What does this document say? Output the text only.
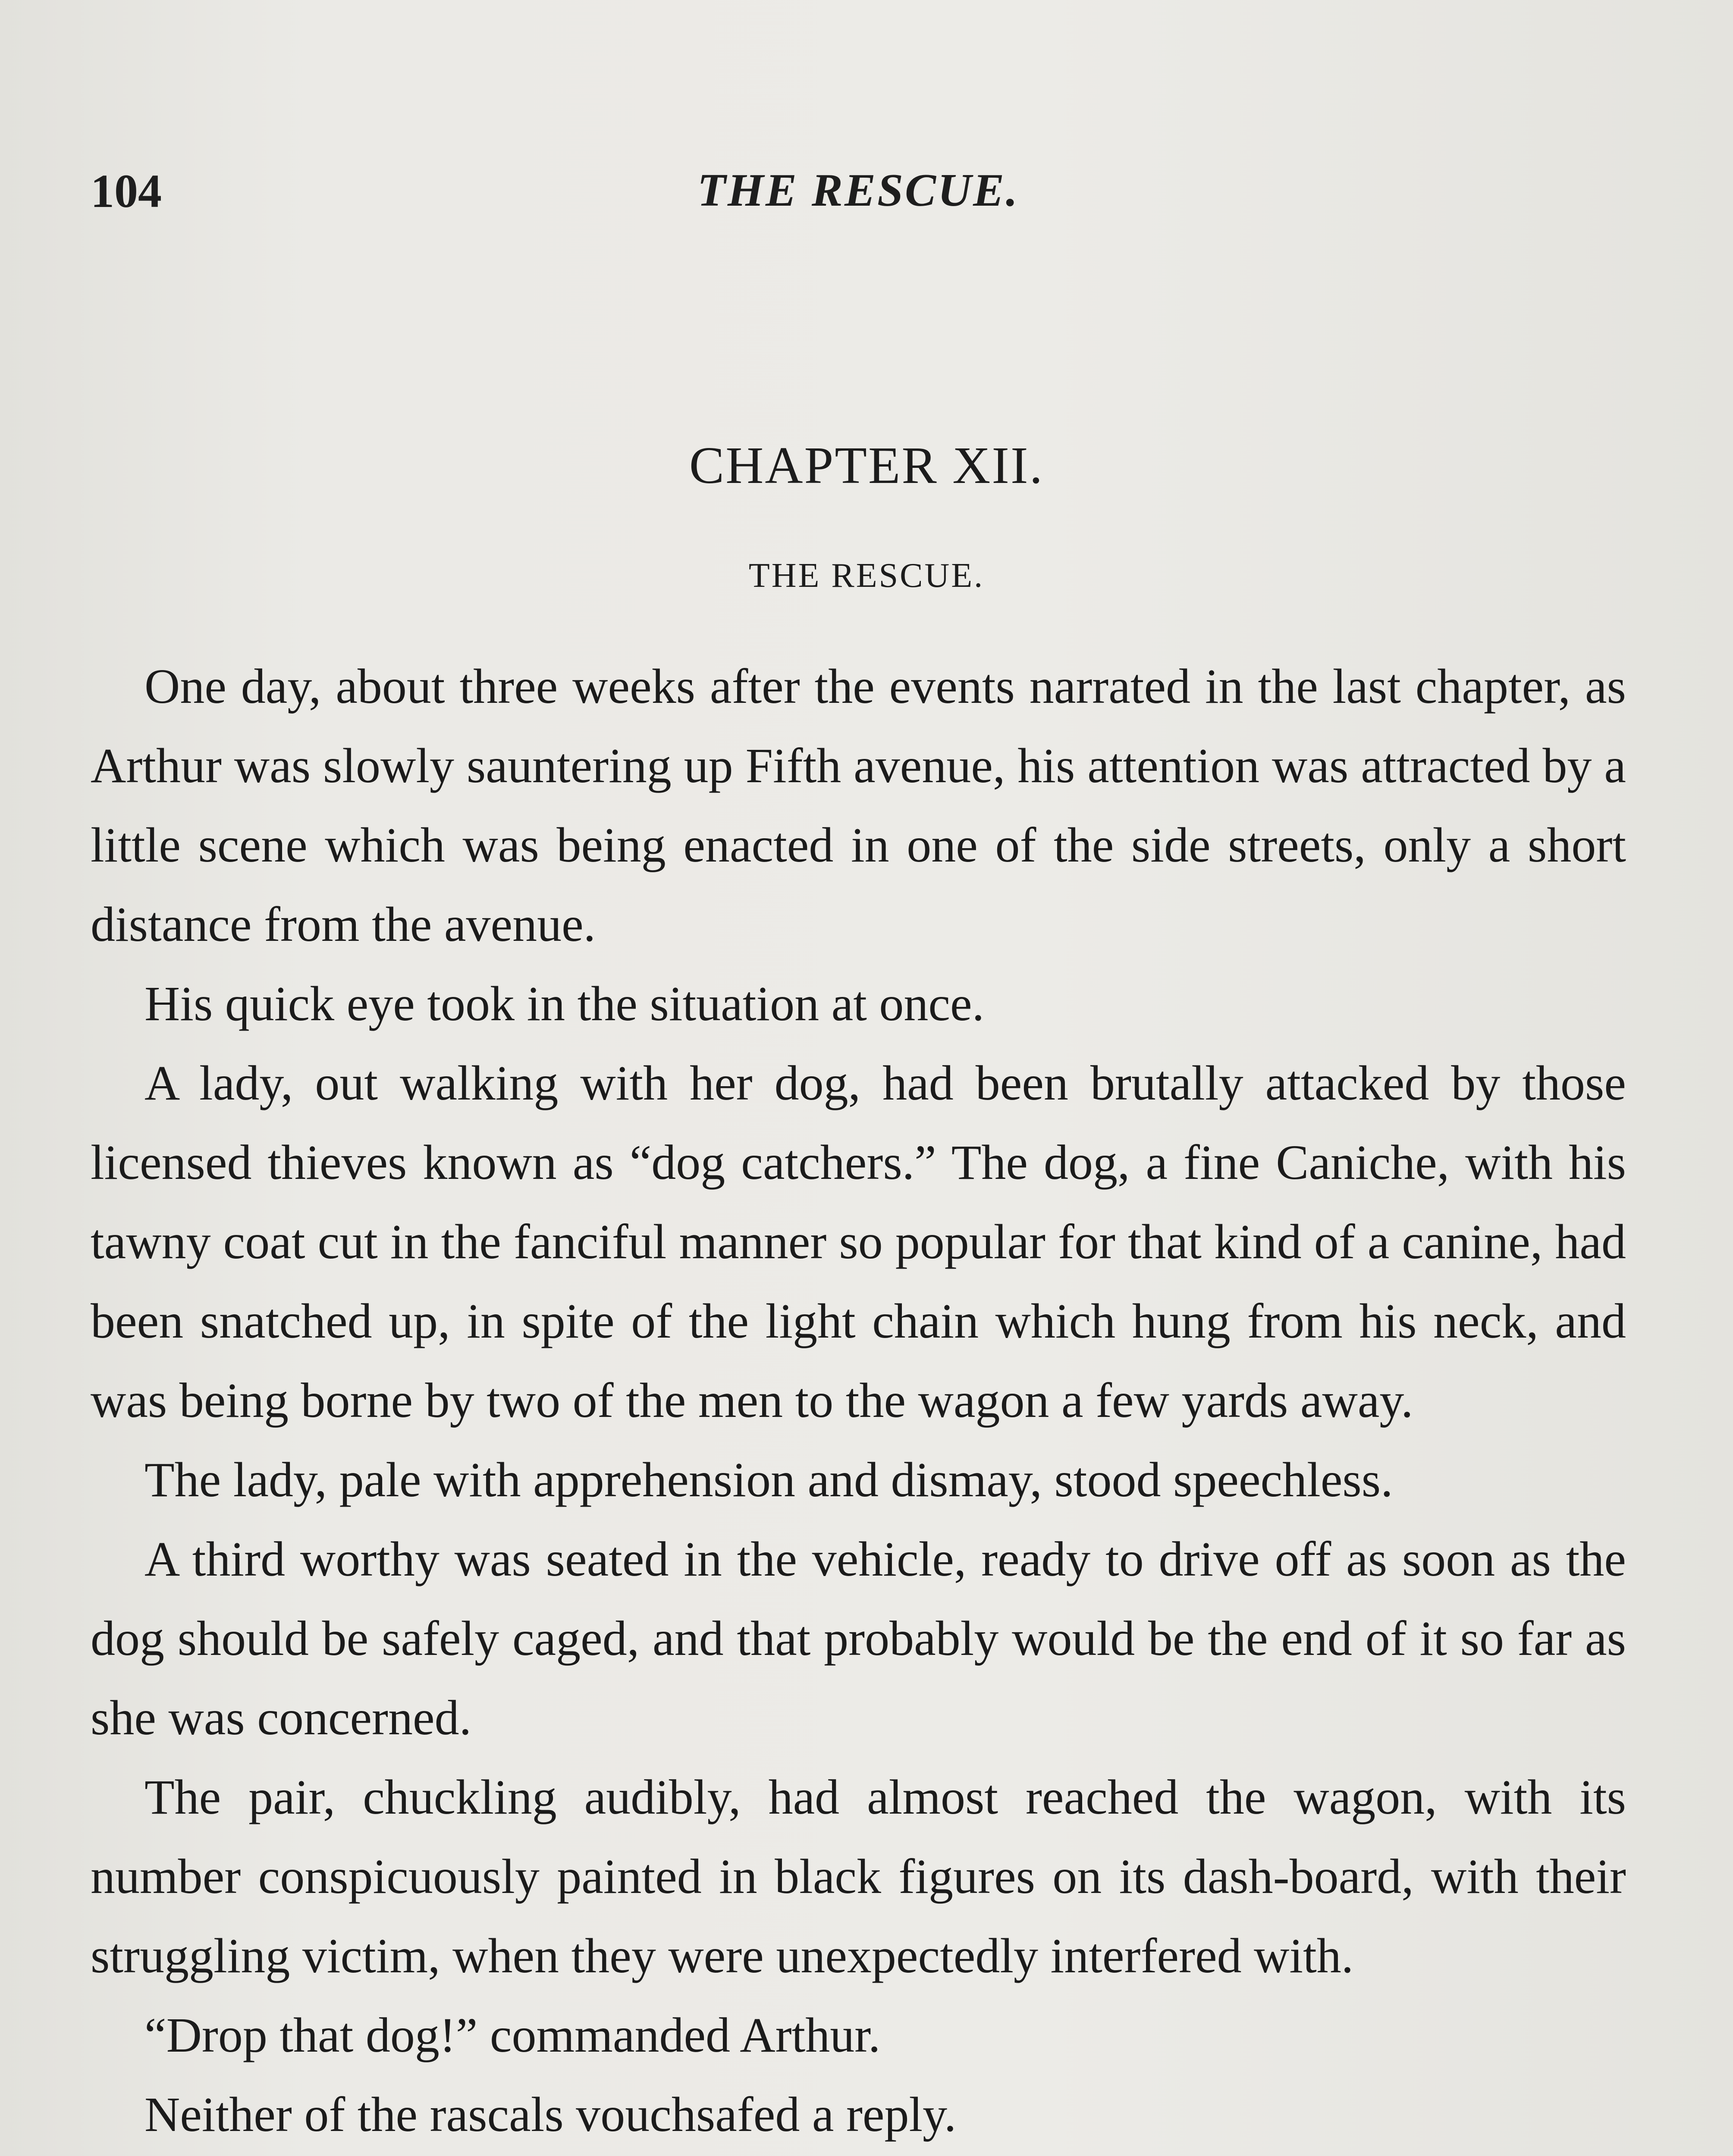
104	THE RESCUE.
CHAPTER XII.
THE RESCUE.

One day, about three weeks after the events narrated in the last chapter, as Arthur was slowly sauntering up Fifth avenue, his attention was attracted by a little scene which was being enacted in one of the side streets, only a short distance from the avenue.

His quick eye took in the situation at once.

A lady, out walking with her dog, had been brutally attacked by those licensed thieves known as “dog catchers.” The dog, a fine Caniche, with his tawny coat cut in the fanciful manner so popular for that kind of a canine, had been snatched up, in spite of the light chain which hung from his neck, and was being borne by two of the men to the wagon a few yards away.

The lady, pale with apprehension and dismay, stood speechless.

A third worthy was seated in the vehicle, ready to drive off as soon as the dog should be safely caged, and that probably would be the end of it so far as she was concerned.

The pair, chuckling audibly, had almost reached the wagon, with its number conspicuously painted in black figures on its dash-board, with their struggling victim, when they were unexpectedly interfered with.

“Drop that dog!” commanded Arthur.

Neither of the rascals vouchsafed a reply.
